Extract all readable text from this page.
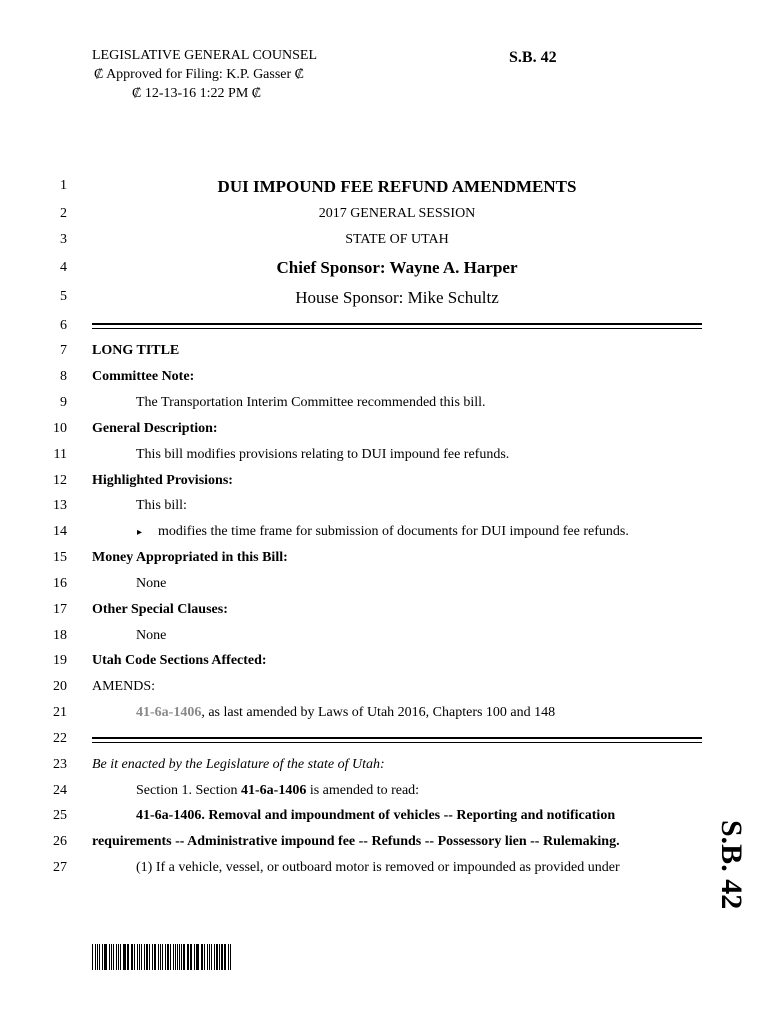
LEGISLATIVE GENERAL COUNSEL
₡ Approved for Filing: K.P. Gasser ₡
₡ 12-13-16 1:22 PM ₡
S.B. 42
1
2
3
4
5
6
7
8
9
10
11
12
13
14
15
16
17
18
19
20
21
22
23
24
25
26
27
DUI IMPOUND FEE REFUND AMENDMENTS
2017 GENERAL SESSION
STATE OF UTAH
Chief Sponsor: Wayne A. Harper
House Sponsor: Mike Schultz
LONG TITLE
Committee Note:
The Transportation Interim Committee recommended this bill.
General Description:
This bill modifies provisions relating to DUI impound fee refunds.
Highlighted Provisions:
This bill:
▸ modifies the time frame for submission of documents for DUI impound fee refunds.
Money Appropriated in this Bill:
None
Other Special Clauses:
None
Utah Code Sections Affected:
AMENDS:
41-6a-1406, as last amended by Laws of Utah 2016, Chapters 100 and 148
Be it enacted by the Legislature of the state of Utah:
Section 1. Section 41-6a-1406 is amended to read:
41-6a-1406. Removal and impoundment of vehicles -- Reporting and notification
requirements -- Administrative impound fee -- Refunds -- Possessory lien -- Rulemaking.
(1) If a vehicle, vessel, or outboard motor is removed or impounded as provided under	S.B. 42
